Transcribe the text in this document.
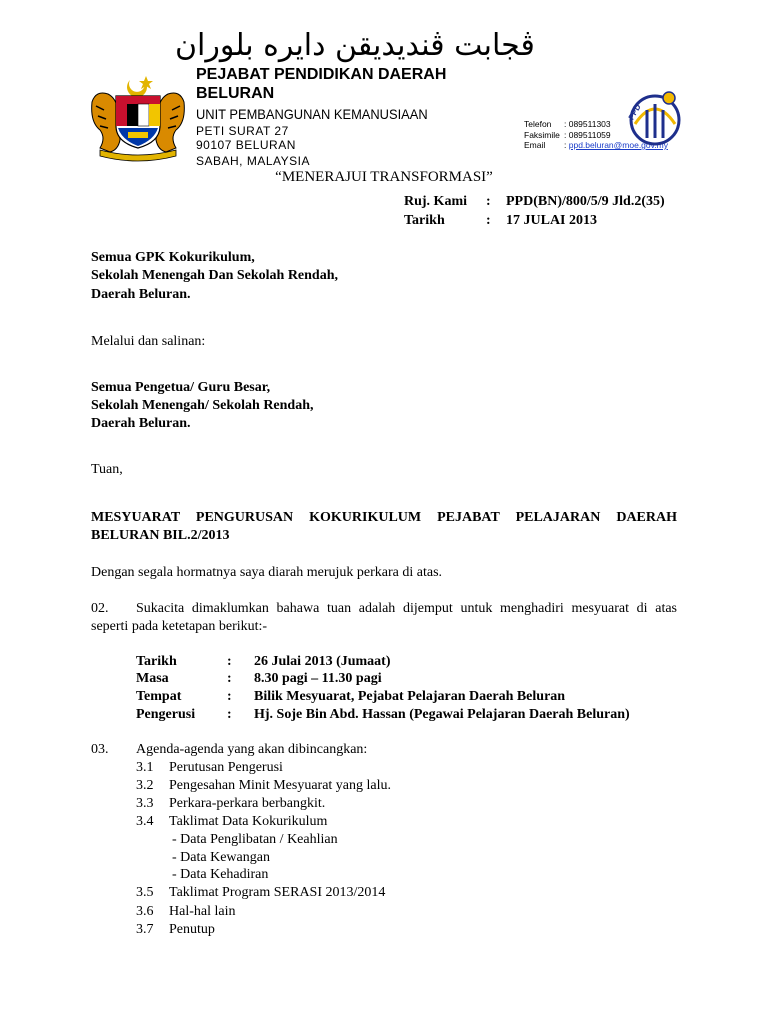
ڤجابت ڤنديديقن دايره بلوران
PEJABAT PENDIDIKAN DAERAH
BELURAN
UNIT PEMBANGUNAN KEMANUSIAAN
PETI SURAT 27
90107 BELURAN
SABAH, MALAYSIA
Telefon : 089511303
Faksimile : 089511059
Email : ppd.beluran@moe.gov.my
PPD
“MENERAJUI TRANSFORMASI”
Ruj. Kami : PPD(BN)/800/5/9 Jld.2(35)
Tarikh	: 17 JULAI 2013
Semua GPK Kokurikulum,
Sekolah Menengah Dan Sekolah Rendah,
Daerah Beluran.
Melalui dan salinan:
Semua Pengetua/ Guru Besar,
Sekolah Menengah/ Sekolah Rendah,
Daerah Beluran.
Tuan,
MESYUARAT PENGURUSAN KOKURIKULUM PEJABAT PELAJARAN DAERAH
BELURAN BIL.2/2013
Dengan segala hormatnya saya diarah merujuk perkara di atas.
02. Sukacita dimaklumkan bahawa tuan adalah dijemput untuk menghadiri mesyuarat di atas
seperti pada ketetapan berikut:-
Tarikh	: 26 Julai 2013 (Jumaat)
Masa	: 8.30 pagi – 11.30 pagi
Tempat	: Bilik Mesyuarat, Pejabat Pelajaran Daerah Beluran
Pengerusi : Hj. Soje Bin Abd. Hassan (Pegawai Pelajaran Daerah Beluran)
03. Agenda-agenda yang akan dibincangkan:
3.1 Perutusan Pengerusi
3.2 Pengesahan Minit Mesyuarat yang lalu.
3.3 Perkara-perkara berbangkit.
3.4 Taklimat Data Kokurikulum
- Data Penglibatan / Keahlian
- Data Kewangan
- Data Kehadiran
3.5 Taklimat Program SERASI 2013/2014
3.6 Hal-hal lain
3.7 Penutup
